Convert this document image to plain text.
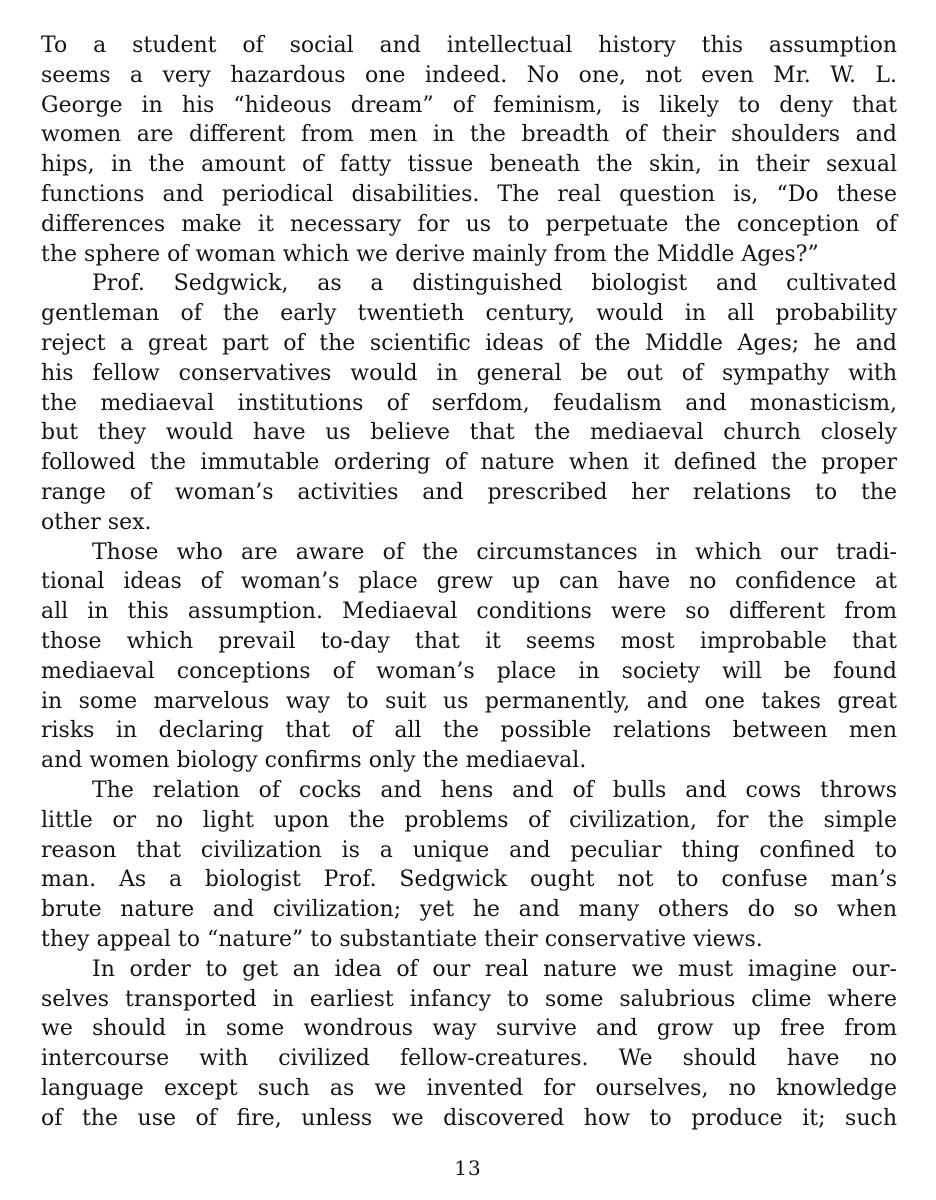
To a student of social and intellectual history this assumption
seems a very hazardous one indeed. No one, not even Mr. W. L.
George in his “hideous dream” of feminism, is likely to deny that
women are different from men in the breadth of their shoulders and
hips, in the amount of fatty tissue beneath the skin, in their sexual
functions and periodical disabilities. The real question is, “Do these
differences make it necessary for us to perpetuate the conception of
the sphere of woman which we derive mainly from the Middle Ages?”
Prof. Sedgwick, as a distinguished biologist and cultivated
gentleman of the early twentieth century, would in all probability
reject a great part of the scientific ideas of the Middle Ages; he and
his fellow conservatives would in general be out of sympathy with
the mediaeval institutions of serfdom, feudalism and monasticism,
but they would have us believe that the mediaeval church closely
followed the immutable ordering of nature when it defined the proper
range of woman’s activities and prescribed her relations to the
other sex.
Those who are aware of the circumstances in which our tradi-
tional ideas of woman’s place grew up can have no confidence at
all in this assumption. Mediaeval conditions were so different from
those which prevail to-day that it seems most improbable that
mediaeval conceptions of woman’s place in society will be found
in some marvelous way to suit us permanently, and one takes great
risks in declaring that of all the possible relations between men
and women biology confirms only the mediaeval.
The relation of cocks and hens and of bulls and cows throws
little or no light upon the problems of civilization, for the simple
reason that civilization is a unique and peculiar thing confined to
man. As a biologist Prof. Sedgwick ought not to confuse man’s
brute nature and civilization; yet he and many others do so when
they appeal to “nature” to substantiate their conservative views.
In order to get an idea of our real nature we must imagine our-
selves transported in earliest infancy to some salubrious clime where
we should in some wondrous way survive and grow up free from
intercourse with civilized fellow-creatures. We should have no
language except such as we invented for ourselves, no knowledge
of the use of fire, unless we discovered how to produce it; such
13
